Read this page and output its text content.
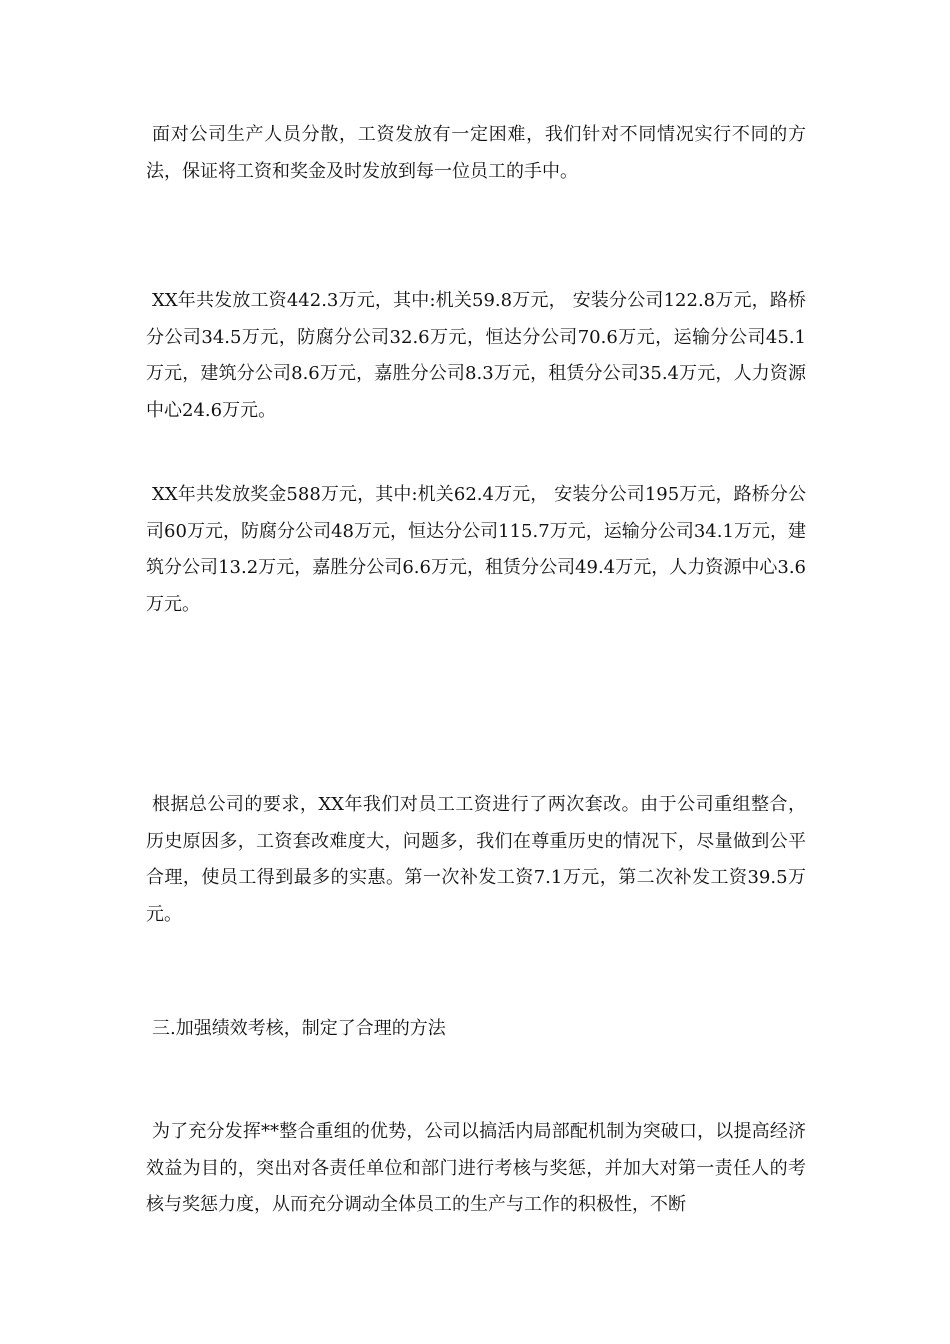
面对公司生产人员分散，工资发放有一定困难，我们针对不同情况实行不同的方法，保证将工资和奖金及时发放到每一位员工的手中。

XX年共发放工资442.3万元，其中:机关59.8万元， 安装分公司122.8万元，路桥分公司34.5万元，防腐分公司32.6万元，恒达分公司70.6万元，运输分公司45.1万元，建筑分公司8.6万元，嘉胜分公司8.3万元，租赁分公司35.4万元，人力资源中心24.6万元。

XX年共发放奖金588万元，其中:机关62.4万元， 安装分公司195万元，路桥分公司60万元，防腐分公司48万元，恒达分公司115.7万元，运输分公司34.1万元，建筑分公司13.2万元，嘉胜分公司6.6万元，租赁分公司49.4万元，人力资源中心3.6万元。

根据总公司的要求，XX年我们对员工工资进行了两次套改。由于公司重组整合， 历史原因多，工资套改难度大，问题多，我们在尊重历史的情况下，尽量做到公平合理，使员工得到最多的实惠。第一次补发工资7.1万元，第二次补发工资39.5万元。

三.加强绩效考核，制定了合理的方法

为了充分发挥**整合重组的优势，公司以搞活内局部配机制为突破口，以提高经济效益为目的，突出对各责任单位和部门进行考核与奖惩，并加大对第一责任人的考核与奖惩力度，从而充分调动全体员工的生产与工作的积极性，不断
